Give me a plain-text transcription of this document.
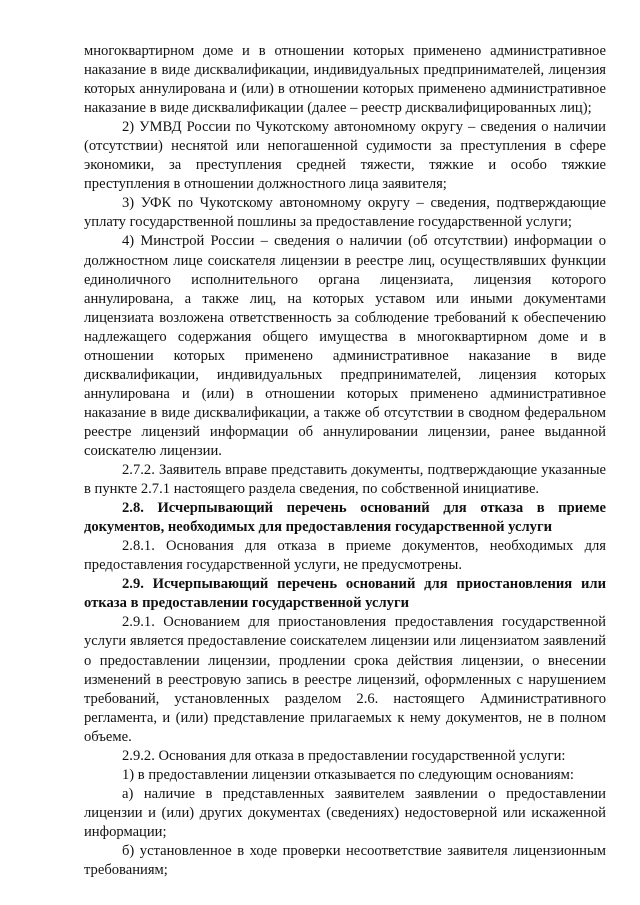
многоквартирном доме и в отношении которых применено административное наказание в виде дисквалификации, индивидуальных предпринимателей, лицензия которых аннулирована и (или) в отношении которых применено административное наказание в виде дисквалификации (далее – реестр дисквалифицированных лиц);

2) УМВД России по Чукотскому автономному округу – сведения о наличии (отсутствии) неснятой или непогашенной судимости за преступления в сфере экономики, за преступления средней тяжести, тяжкие и особо тяжкие преступления в отношении должностного лица заявителя;

3) УФК по Чукотскому автономному округу – сведения, подтверждающие уплату государственной пошлины за предоставление государственной услуги;

4) Минстрой России – сведения о наличии (об отсутствии) информации о должностном лице соискателя лицензии в реестре лиц, осуществлявших функции единоличного исполнительного органа лицензиата, лицензия которого аннулирована, а также лиц, на которых уставом или иными документами лицензиата возложена ответственность за соблюдение требований к обеспечению надлежащего содержания общего имущества в многоквартирном доме и в отношении которых применено административное наказание в виде дисквалификации, индивидуальных предпринимателей, лицензия которых аннулирована и (или) в отношении которых применено административное наказание в виде дисквалификации, а также об отсутствии в сводном федеральном реестре лицензий информации об аннулировании лицензии, ранее выданной соискателю лицензии.

2.7.2. Заявитель вправе представить документы, подтверждающие указанные в пункте 2.7.1 настоящего раздела сведения, по собственной инициативе.

2.8. Исчерпывающий перечень оснований для отказа в приеме документов, необходимых для предоставления государственной услуги

2.8.1. Основания для отказа в приеме документов, необходимых для предоставления государственной услуги, не предусмотрены.

2.9. Исчерпывающий перечень оснований для приостановления или отказа в предоставлении государственной услуги

2.9.1. Основанием для приостановления предоставления государственной услуги является предоставление соискателем лицензии или лицензиатом заявлений о предоставлении лицензии, продлении срока действия лицензии, о внесении изменений в реестровую запись в реестре лицензий, оформленных с нарушением требований, установленных разделом 2.6. настоящего Административного регламента, и (или) представление прилагаемых к нему документов, не в полном объеме.

2.9.2. Основания для отказа в предоставлении государственной услуги:

1) в предоставлении лицензии отказывается по следующим основаниям:

а) наличие в представленных заявителем заявлении о предоставлении лицензии и (или) других документах (сведениях) недостоверной или искаженной информации;

б) установленное в ходе проверки несоответствие заявителя лицензионным требованиям;
